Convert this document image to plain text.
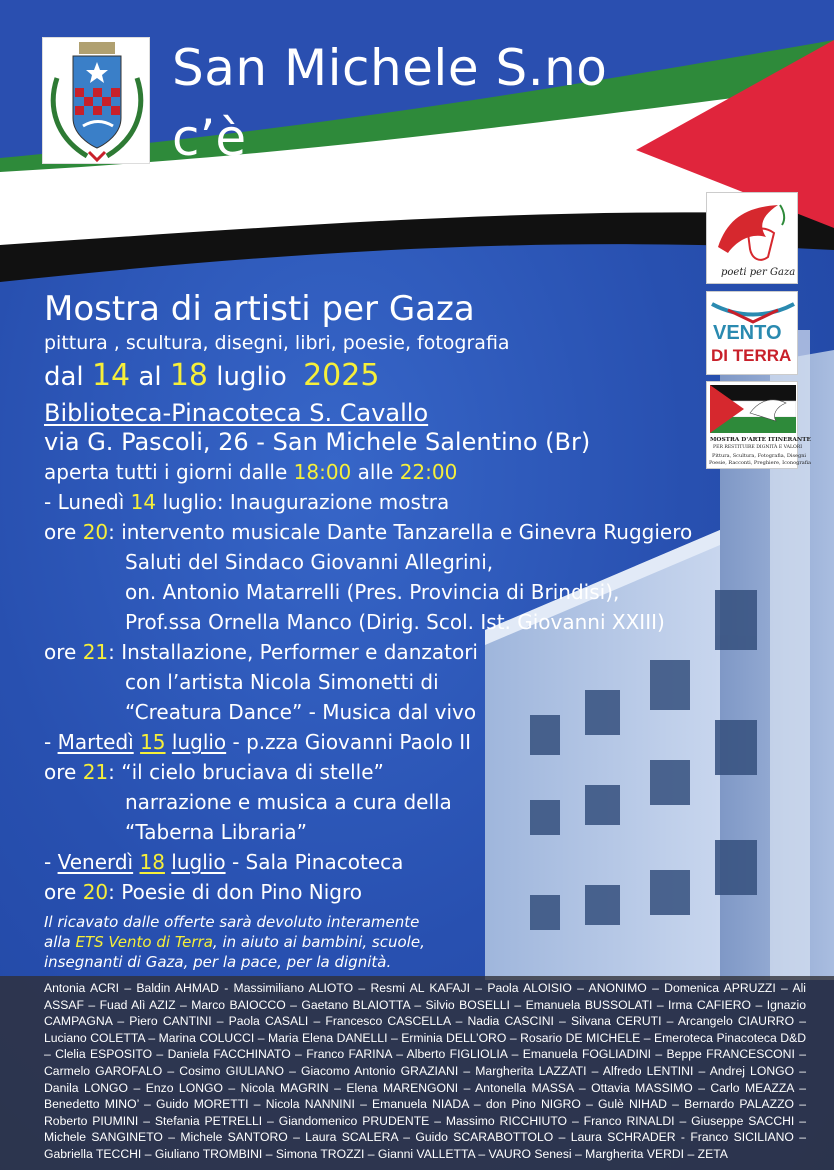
San Michele S.no
c’è
poeti per Gaza
VENTO
DI TERRA
MOSTRA D'ARTE ITINERANTE
PER RESTITUIRE DIGNITÀ E VALORI
Pittura, Scultura, Fotografia, Disegni
Poesie, Racconti, Preghiere, Iconografia
Mostra di artisti per Gaza
pittura , scultura, disegni, libri, poesie, fotografia
dal 14 al 18 luglio 2025
Biblioteca-Pinacoteca S. Cavallo
via G. Pascoli, 26 - San Michele Salentino (Br)
aperta tutti i giorni dalle 18:00 alle 22:00
- Lunedì 14 luglio: Inaugurazione mostra
ore 20: intervento musicale Dante Tanzarella e Ginevra Ruggiero
Saluti del Sindaco Giovanni Allegrini,
on. Antonio Matarrelli (Pres. Provincia di Brindisi),
Prof.ssa Ornella Manco (Dirig. Scol. Ist. Giovanni XXIII)
ore 21: Installazione, Performer e danzatori
con l’artista Nicola Simonetti di
“Creatura Dance” - Musica dal vivo
- Martedì 15 luglio - p.zza Giovanni Paolo II
ore 21: “il cielo bruciava di stelle”
narrazione e musica a cura della
“Taberna Libraria”
- Venerdì 18 luglio - Sala Pinacoteca
ore 20: Poesie di don Pino Nigro
Il ricavato dalle offerte sarà devoluto interamente
alla ETS Vento di Terra, in aiuto ai bambini, scuole,
insegnanti di Gaza, per la pace, per la dignità.
Antonia ACRI – Baldin AHMAD - Massimiliano ALIOTO – Resmi AL KAFAJI – Paola ALOISIO – ANONIMO – Domenica APRUZZI – Ali ASSAF – Fuad Alì AZIZ – Marco BAIOCCO – Gaetano BLAIOTTA – Silvio BOSELLI – Emanuela BUSSOLATI – Irma CAFIERO – Ignazio CAMPAGNA – Piero CANTINI – Paola CASALI – Francesco CASCELLA – Nadia CASCINI – Silvana CERUTI – Arcangelo CIAURRO – Luciano COLETTA – Marina COLUCCI – Maria Elena DANELLI – Erminia DELL’ORO – Rosario DE MICHELE – Emeroteca Pinacoteca D&D – Clelia ESPOSITO – Daniela FACCHINATO – Franco FARINA – Alberto FIGLIOLIA – Emanuela FOGLIADINI – Beppe FRANCESCONI – Carmelo GAROFALO – Cosimo GIULIANO – Giacomo Antonio GRAZIANI – Margherita LAZZATI – Alfredo LENTINI – Andrej LONGO – Danila LONGO – Enzo LONGO – Nicola MAGRIN – Elena MARENGONI – Antonella MASSA – Ottavia MASSIMO – Carlo MEAZZA – Benedetto MINO’ – Guido MORETTI – Nicola NANNINI – Emanuela NIADA – don Pino NIGRO – Gulè NIHAD – Bernardo PALAZZO – Roberto PIUMINI – Stefania PETRELLI – Giandomenico PRUDENTE – Massimo RICCHIUTO – Franco RINALDI – Giuseppe SACCHI – Michele SANGINETO – Michele SANTORO – Laura SCALERA – Guido SCARABOTTOLO – Laura SCHRADER - Franco SICILIANO – Gabriella TECCHI – Giuliano TROMBINI – Simona TROZZI – Gianni VALLETTA – VAURO Senesi – Margherita VERDI – ZETA
